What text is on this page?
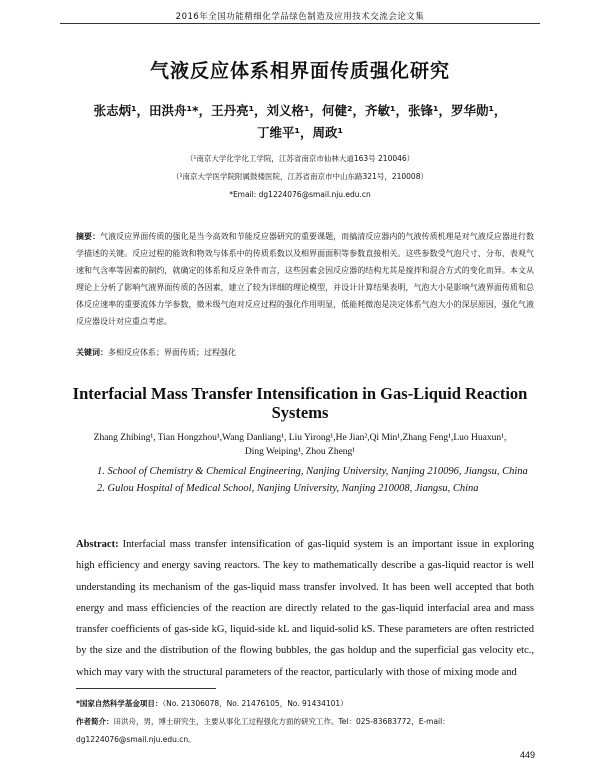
2016年全国功能精细化学品绿色制造及应用技术交流会论文集
气液反应体系相界面传质强化研究
张志炳¹，田洪舟¹*，王丹亮¹，刘义格¹，何健²，齐敏¹，张锋¹，罗华勋¹，
丁维平¹，周政¹
（¹南京大学化学化工学院，江苏省南京市仙林大道163号 210046）
（²南京大学医学院附属鼓楼医院，江苏省南京市中山东路321号，210008）
*Email: dg1224076@smail.nju.edu.cn
摘要：气液反应界面传质的强化是当今高效和节能反应器研究的重要课题，而搞清反应器内的气液传质机理是对气液反应器进行数学描述的关键。反应过程的能效和物效与体系中的传质系数以及相界面面积等参数直接相关。这些参数受气泡尺寸、分布、表观气速和气含率等因素的制约，就确定的体系和反应条件而言，这些因素会因反应器的结构尤其是搅拌和混合方式的变化而异。本文从理论上分析了影响气液界面传质的各因素，建立了较为详细的理论模型，并设计计算结果表明，气泡大小是影响气液界面传质和总体反应速率的重要流体力学参数，微米级气泡对反应过程的强化作用明显，低能耗微泡是决定体系气泡大小的深层原因，强化气液反应器设计对应重点考虑。
关键词：多相反应体系；界面传质；过程强化
Interfacial Mass Transfer Intensification in Gas-Liquid Reaction
Systems
Zhang Zhibing¹, Tian Hongzhou¹,Wang Danliang¹, Liu Yirong¹,He Jian²,Qi Min¹,Zhang Feng¹,Luo Huaxun¹,
Ding Weiping¹, Zhou Zheng¹
1. School of Chemistry & Chemical Engineering, Nanjing University, Nanjing 210096, Jiangsu, China
2. Gulou Hospital of Medical School, Nanjing University, Nanjing 210008, Jiangsu, China
Abstract: Interfacial mass transfer intensification of gas-liquid system is an important issue in exploring high efficiency and energy saving reactors. The key to mathematically describe a gas-liquid reactor is well understanding its mechanism of the gas-liquid mass transfer involved. It has been well accepted that both energy and mass efficiencies of the reaction are directly related to the gas-liquid interfacial area and mass transfer coefficients of gas-side kG, liquid-side kL and liquid-solid kS. These parameters are often restricted by the size and the distribution of the flowing bubbles, the gas holdup and the superficial gas velocity etc., which may vary with the structural parameters of the reactor, particularly with those of mixing mode and
*国家自然科学基金项目：（No. 21306078，No. 21476105，No. 91434101）
作者简介：田洪舟，男，博士研究生，主要从事化工过程强化方面的研究工作。Tel：025-83683772，E-mail：dg1224076@smail.nju.edu.cn。
449
